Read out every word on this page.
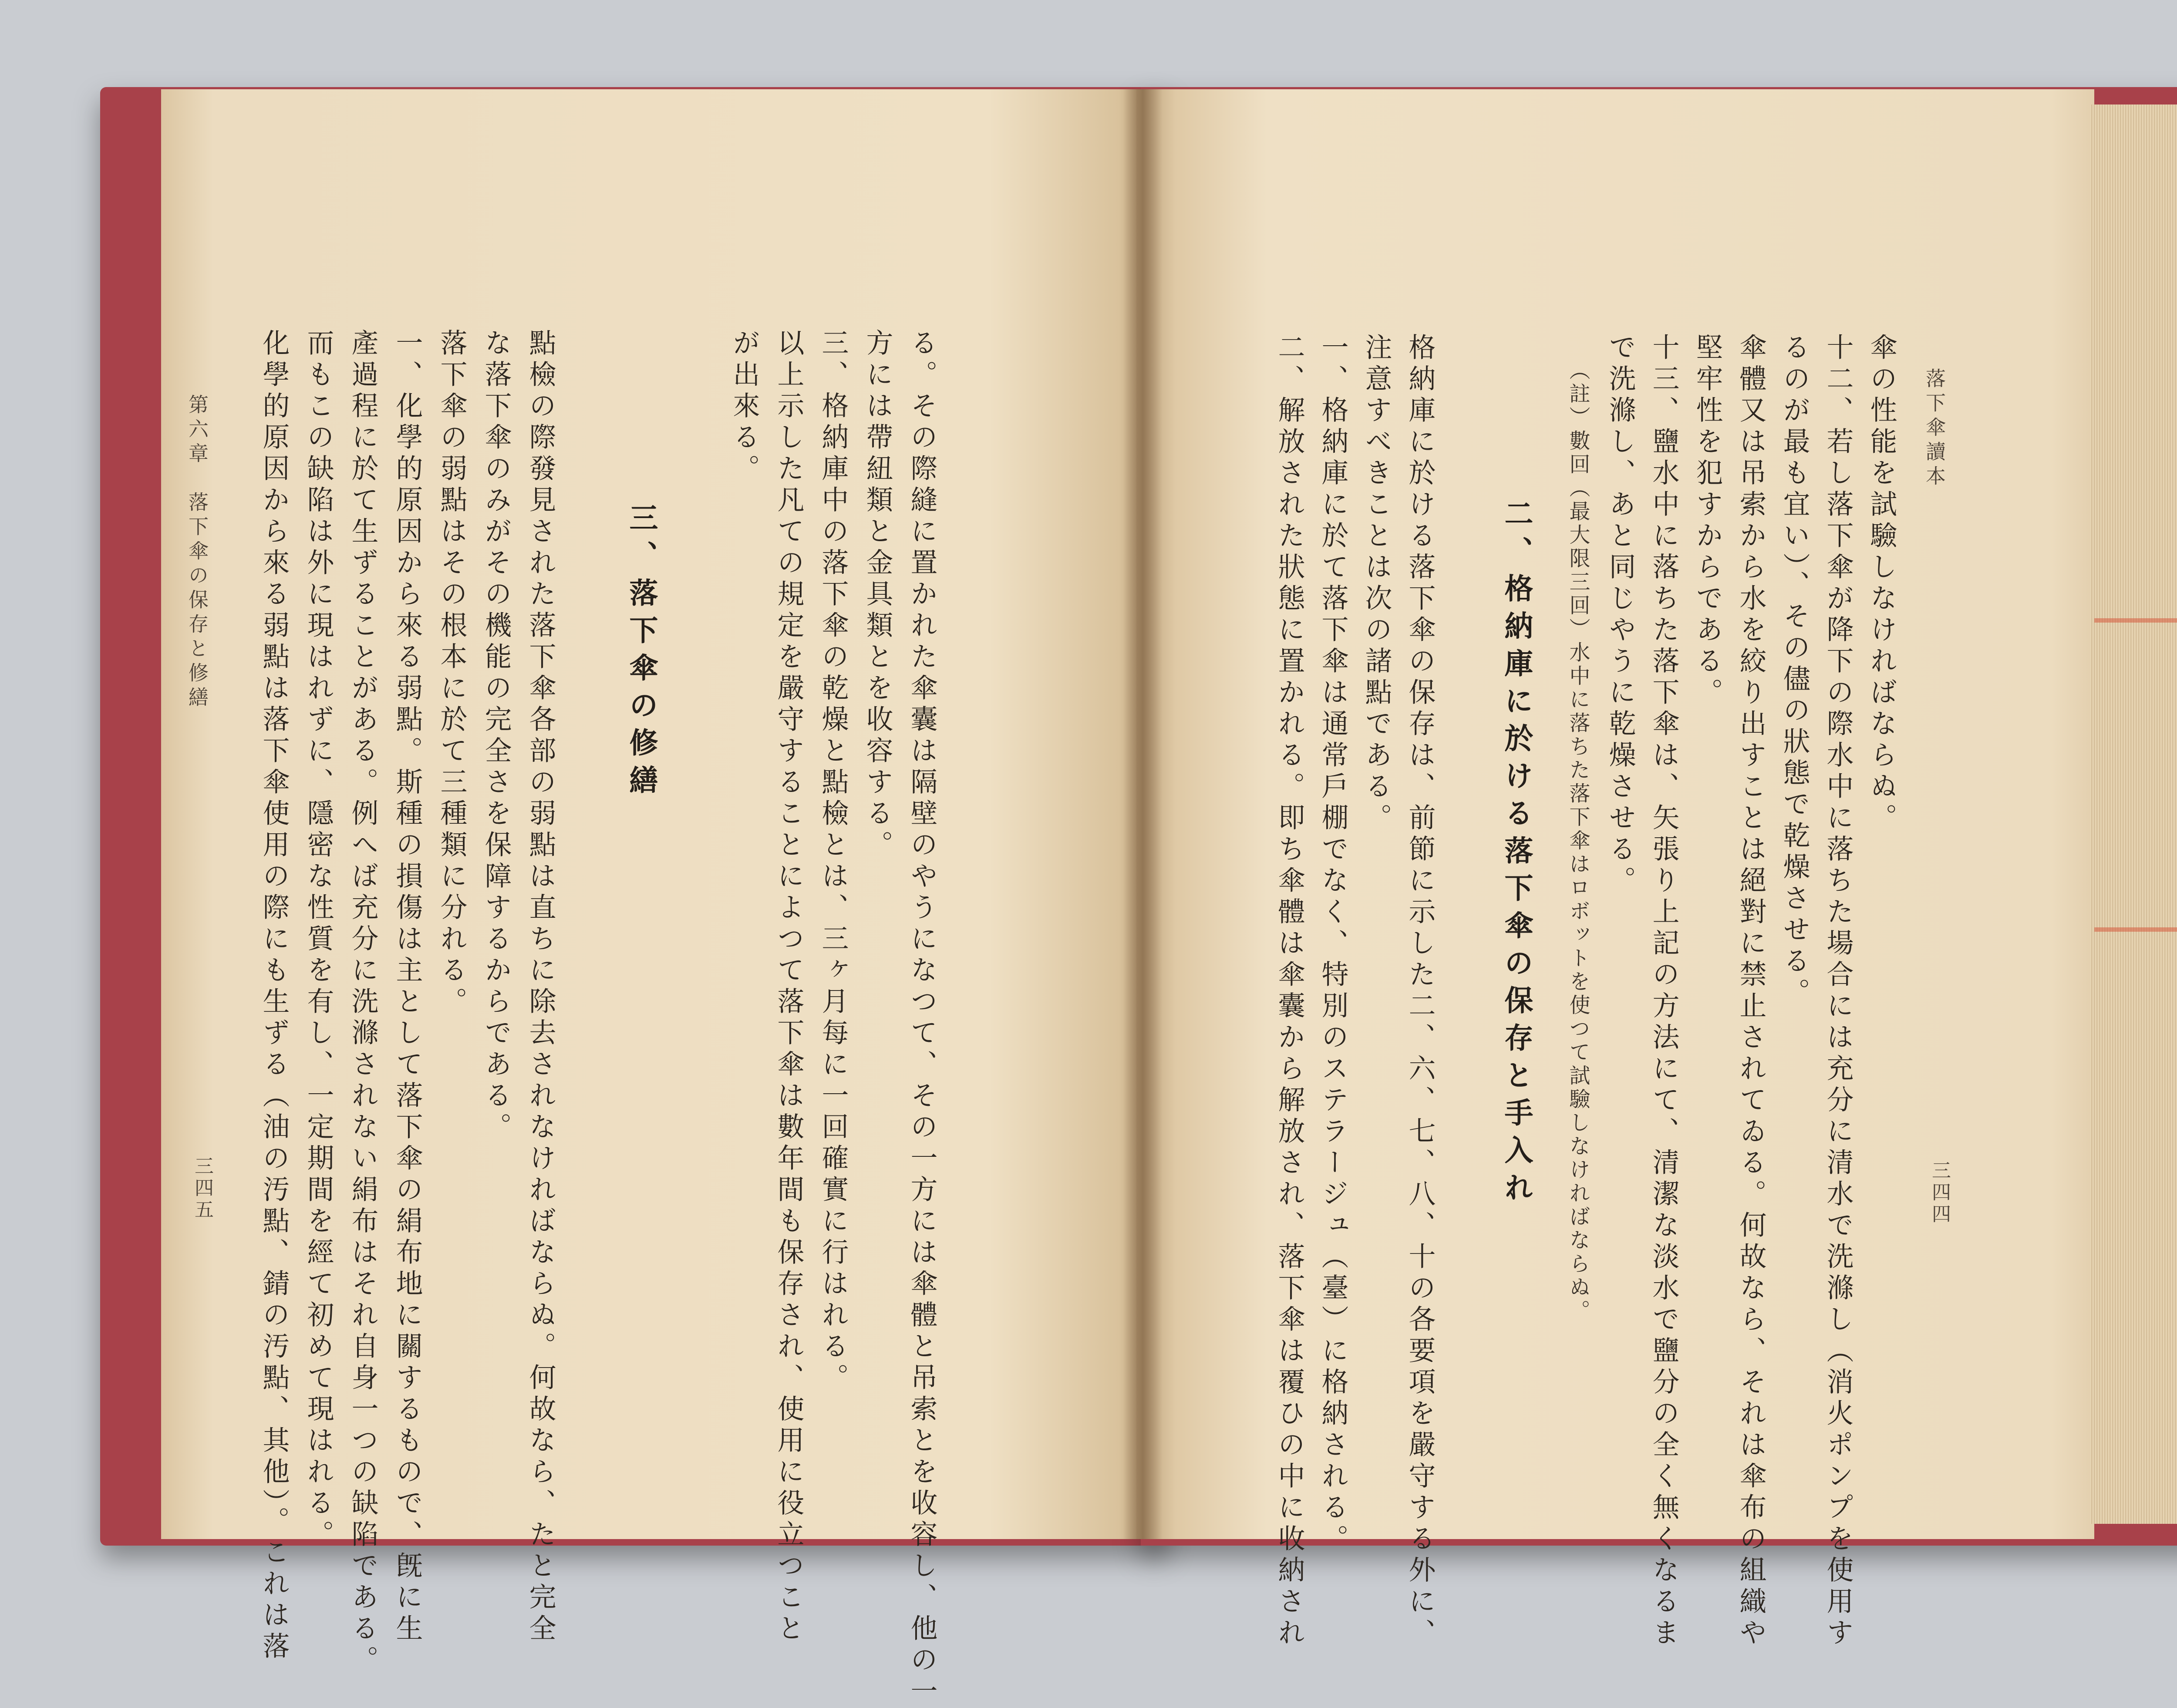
る。その際縫に置かれた傘囊は隔壁のやうになつて、その一方には傘體と吊索とを收容し、他の一
方には帶紐類と金具類とを收容する。
三、格納庫中の落下傘の乾燥と點檢とは、三ヶ月每に一回確實に行はれる。
以上示した凡ての規定を嚴守することによつて落下傘は數年間も保存され、使用に役立つこと
が出來る。
三、落下傘の修繕
點檢の際發見された落下傘各部の弱點は直ちに除去されなければならぬ。何故なら、たと完全
な落下傘のみがその機能の完全さを保障するからである。
落下傘の弱點はその根本に於て三種類に分れる。
一、化學的原因から來る弱點。斯種の損傷は主として落下傘の絹布地に關するもので、旣に生
產過程に於て生ずることがある。例へば充分に洗滌されない絹布はそれ自身一つの缺陷である。
而もこの缺陷は外に現はれずに、隱密な性質を有し、一定期間を經て初めて現はれる。
化學的原因から來る弱點は落下傘使用の際にも生ずる（油の汚點、錆の汚點、其他）。これは落
第六章　落下傘の保存と修繕
三四五
落下傘讀本
三四四
傘の性能を試驗しなければならぬ。
十二、若し落下傘が降下の際水中に落ちた場合には充分に清水で洗滌し（消火ポンプを使用す
るのが最も宜い）、その儘の狀態で乾燥させる。
傘體又は吊索から水を絞り出すことは絕對に禁止されてゐる。何故なら、それは傘布の組織や
堅牢性を犯すからである。
十三、鹽水中に落ちた落下傘は、矢張り上記の方法にて、清潔な淡水で鹽分の全く無くなるま
で洗滌し、あと同じやうに乾燥させる。
（註）數回（最大限三回）水中に落ちた落下傘はロボットを使つて試驗しなければならぬ。
二、格納庫に於ける落下傘の保存と手入れ
格納庫に於ける落下傘の保存は、前節に示した二、六、七、八、十の各要項を嚴守する外に、
注意すべきことは次の諸點である。
一、格納庫に於て落下傘は通常戶棚でなく、特別のステラージュ（臺）に格納される。
二、解放された狀態に置かれる。即ち傘體は傘囊から解放され、落下傘は覆ひの中に收納され
